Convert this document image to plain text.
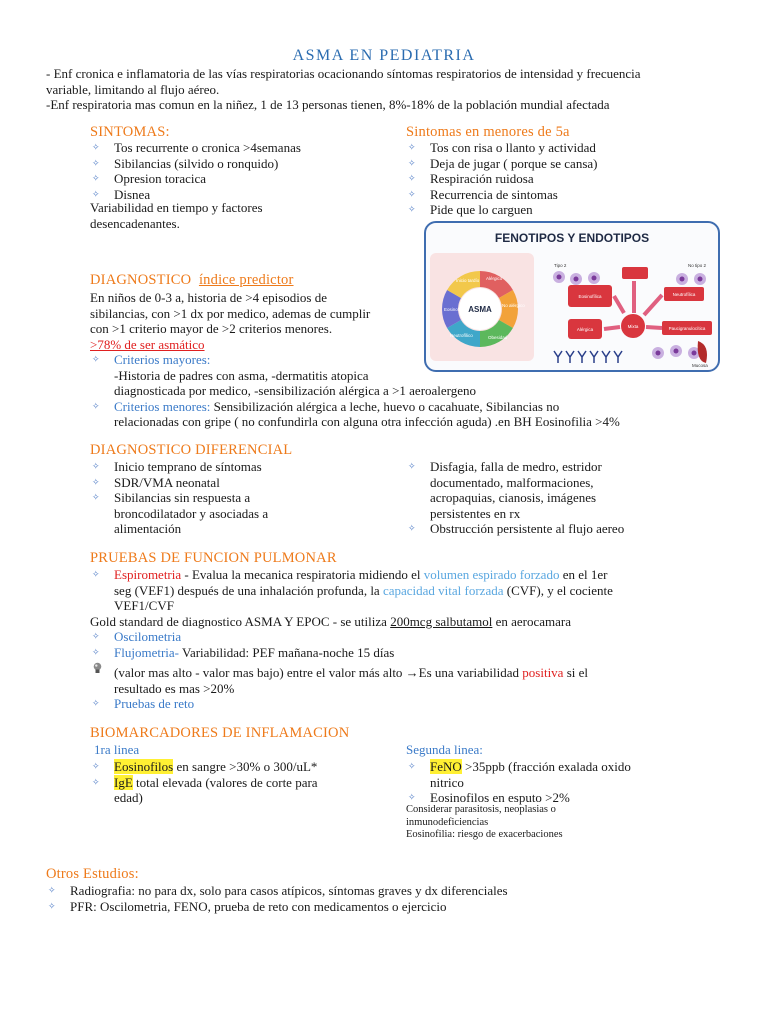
ASMA EN PEDIATRIA
- Enf cronica e inflamatoria de las vías respiratorias ocacionando síntomas respiratorios de intensidad y frecuencia
variable, limitando al flujo aéreo.
-Enf respiratoria mas comun en la niñez, 1 de 13 personas tienen, 8%-18% de la población mundial afectada
SINTOMAS:
✧ Tos recurrente o cronica >4semanas
✧ Sibilancias (silvido o ronquido)
✧ Opresion toracica
✧ Disnea
Variabilidad en tiempo y factores
desencadenantes.
Sintomas en menores de 5a
✧ Tos con risa o llanto y actividad
✧ Deja de jugar ( porque se cansa)
✧ Respiración ruidosa
✧ Recurrencia de sintomas
✧ Pide que lo carguen
FENOTIPOS Y ENDOTIPOS
ASMA
Alérgico
No alérgico
Obesidad
Neutrofílico
Eosinofílico
Inicio tardío
Tipo 2	No tipo 2
Eosinofílica	Neutrofílica
Alérgica
Mixta	Paucigranulocítica
Mucosa
DIAGNOSTICO índice predictor
En niños de 0-3 a, historia de >4 episodios de
sibilancias, con >1 dx por medico, ademas de cumplir
con >1 criterio mayor de >2 criterios menores.
>78% de ser asmático
✧ Criterios mayores:
-Historia de padres con asma, -dermatitis atopica
diagnosticada por medico, -sensibilización alérgica a >1 aeroalergeno
✧ Criterios menores: Sensibilización alérgica a leche, huevo o cacahuate, Sibilancias no
relacionadas con gripe ( no confundirla con alguna otra infección aguda) .en BH Eosinofilia >4%
DIAGNOSTICO DIFERENCIAL
✧ Inicio temprano de síntomas
✧ SDR/VMA neonatal
✧ Sibilancias sin respuesta a
broncodilatador y asociadas a
alimentación
✧ Disfagia, falla de medro, estridor
documentado, malformaciones,
acropaquias, cianosis, imágenes
persistentes en rx
✧ Obstrucción persistente al flujo aereo
PRUEBAS DE FUNCION PULMONAR
✧ Espirometria - Evalua la mecanica respiratoria midiendo el volumen espirado forzado en el 1er
seg (VEF1) después de una inhalación profunda, la capacidad vital forzada (CVF), y el cociente
VEF1/CVF
Gold standard de diagnostico ASMA Y EPOC - se utiliza 200mcg salbutamol en aerocamara
✧ Oscilometria
✧ Flujometria- Variabilidad: PEF mañana-noche 15 días
(valor mas alto - valor mas bajo) entre el valor más alto →Es una variabilidad positiva si el
resultado es mas >20%
✧ Pruebas de reto
BIOMARCADORES DE INFLAMACION
1ra linea
✧ Eosinofilos en sangre >30% o 300/uL*
✧ IgE total elevada (valores de corte para
edad)
Segunda linea:
✧ FeNO >35ppb (fracción exalada oxido
nitrico
✧ Eosinofilos en esputo >2%
Considerar parasitosis, neoplasias o
inmunodeficiencias
Eosinofilia: riesgo de exacerbaciones
Otros Estudios:
✧ Radiografia: no para dx, solo para casos atípicos, síntomas graves y dx diferenciales
✧ PFR: Oscilometria, FENO, prueba de reto con medicamentos o ejercicio
